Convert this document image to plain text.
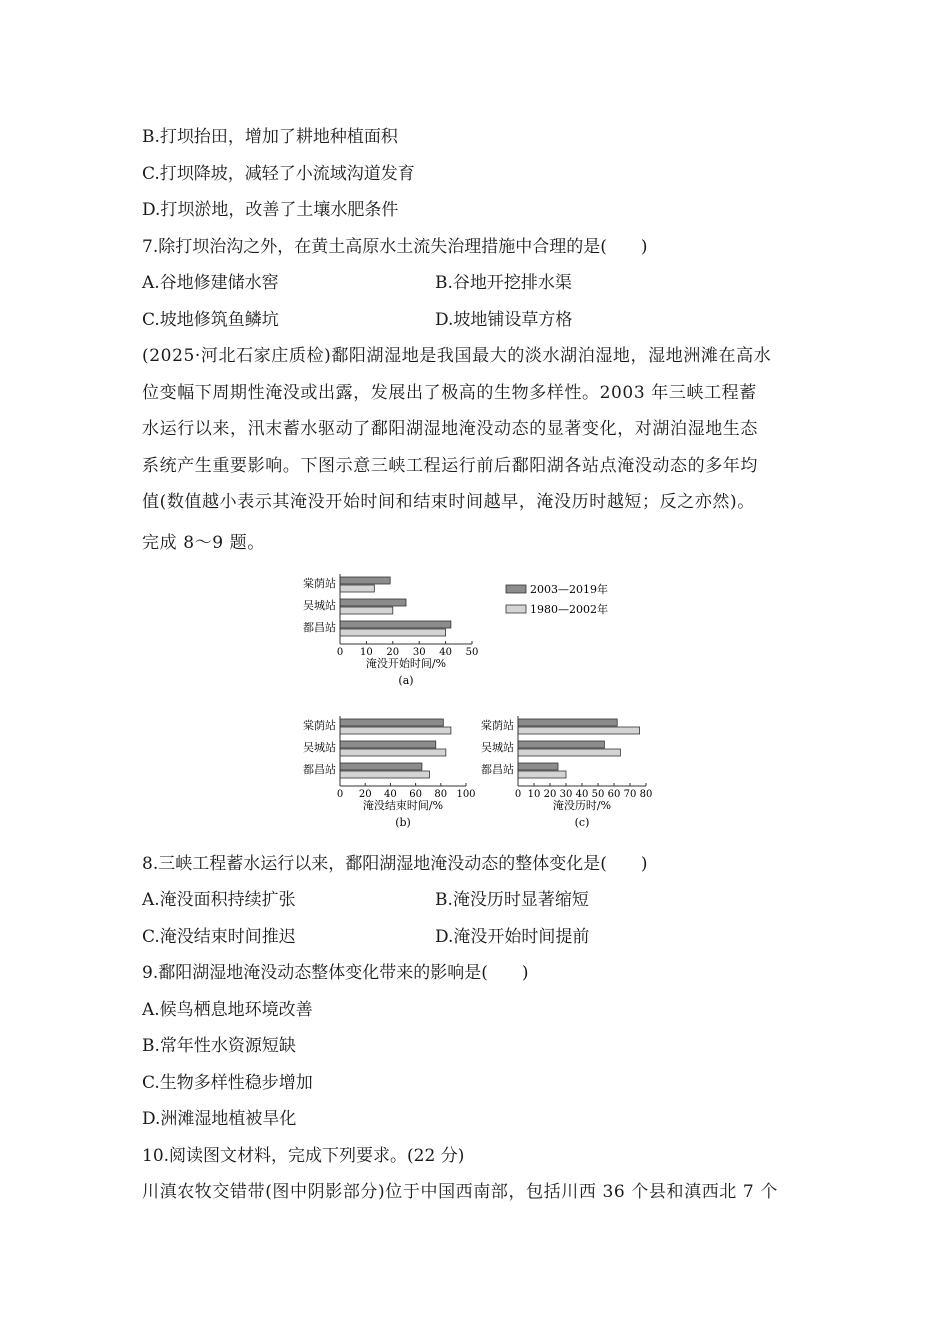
B.打坝抬田，增加了耕地种植面积
C.打坝降坡，减轻了小流域沟道发育
D.打坝淤地，改善了土壤水肥条件
7.除打坝治沟之外，在黄土高原水土流失治理措施中合理的是(　　)
A.谷地修建储水窖	B.谷地开挖排水渠
C.坡地修筑鱼鳞坑	D.坡地铺设草方格
(2025·河北石家庄质检)鄱阳湖湿地是我国最大的淡水湖泊湿地，湿地洲滩在高水
位变幅下周期性淹没或出露，发展出了极高的生物多样性。2003 年三峡工程蓄
水运行以来，汛末蓄水驱动了鄱阳湖湿地淹没动态的显著变化，对湖泊湿地生态
系统产生重要影响。下图示意三峡工程运行前后鄱阳湖各站点淹没动态的多年均
值(数值越小表示其淹没开始时间和结束时间越早，淹没历时越短；反之亦然)。
完成 8～9 题。
棠荫站
吴城站
都昌站
0 10 20 30 40 50
淹没开始时间/%
(a)
棠荫站
吴城站
都昌站
0 20 40 60 80 100
淹没结束时间/%
(b)
棠荫站
吴城站
都昌站
0 10 20 30 40 50 60 70 80
淹没历时/%
(c)
2003—2019年
1980—2002年
8.三峡工程蓄水运行以来，鄱阳湖湿地淹没动态的整体变化是(　　)
A.淹没面积持续扩张	B.淹没历时显著缩短
C.淹没结束时间推迟	D.淹没开始时间提前
9.鄱阳湖湿地淹没动态整体变化带来的影响是(　　)
A.候鸟栖息地环境改善
B.常年性水资源短缺
C.生物多样性稳步增加
D.洲滩湿地植被旱化
10.阅读图文材料，完成下列要求。(22 分)
川滇农牧交错带(图中阴影部分)位于中国西南部，包括川西 36 个县和滇西北 7 个
